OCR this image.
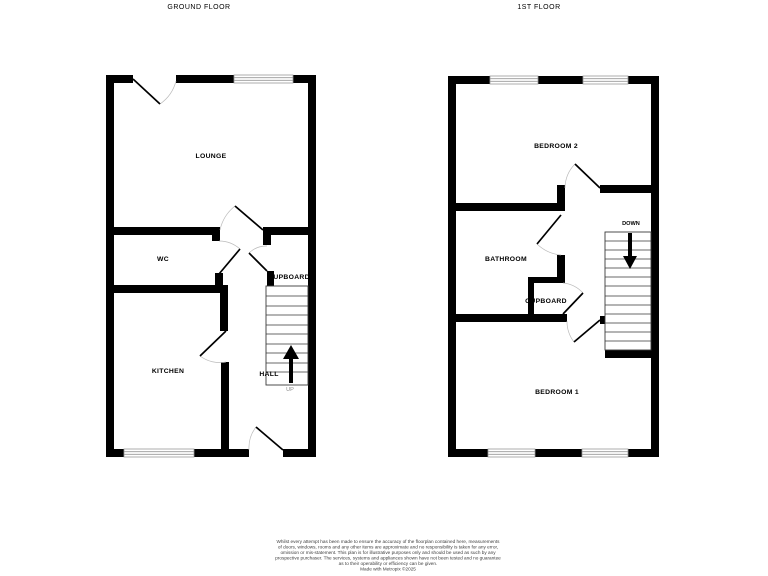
GROUND FLOOR
LOUNGE
WC
KITCHEN	HALL
CUPBOARD
UP
1ST FLOOR
BEDROOM 2
BATHROOM
CUPBOARD
BEDROOM 1
DOWN
Whilst every attempt has been made to ensure the accuracy of the floorplan contained here, measurements
of doors, windows, rooms and any other items are approximate and no responsibility is taken for any error,
omission or mis-statement. This plan is for illustrative purposes only and should be used as such by any
prospective purchaser. The services, systems and appliances shown have not been tested and no guarantee
as to their operability or efficiency can be given.
Made with Metropix ©2025
